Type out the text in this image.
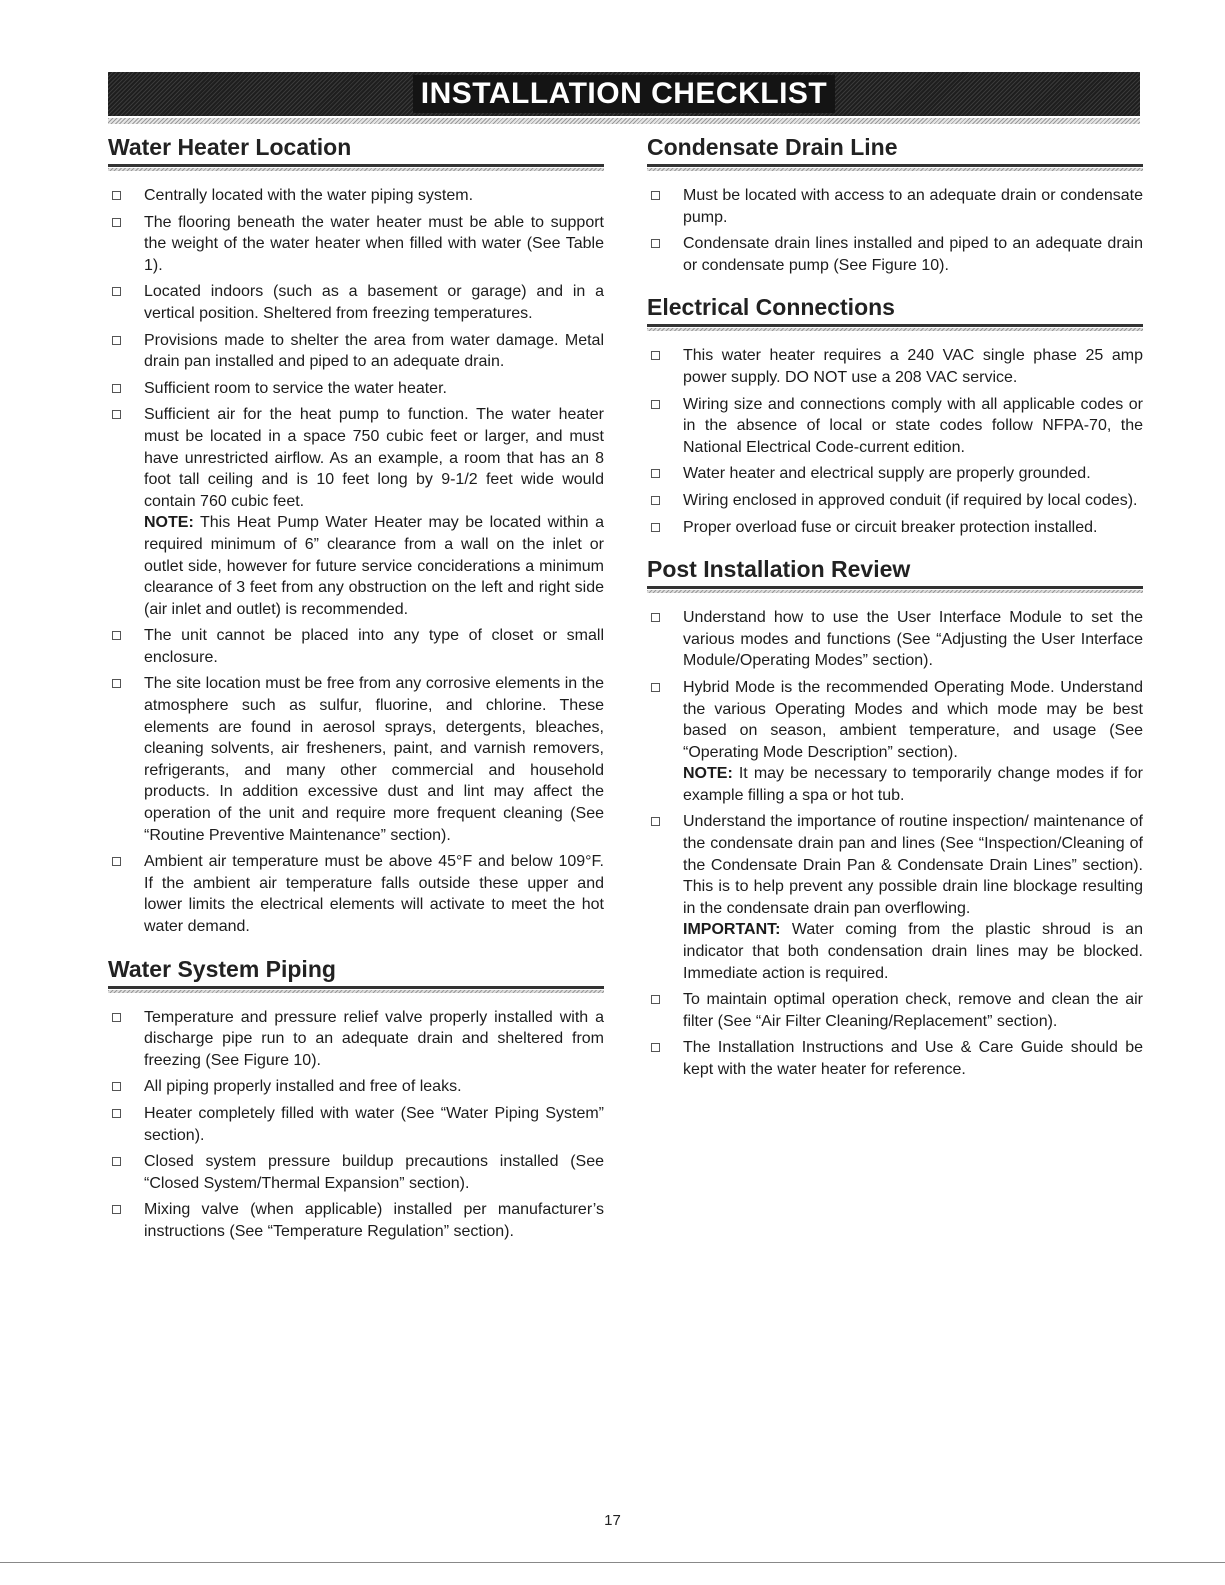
INSTALLATION CHECKLIST
Water Heater Location
Centrally located with the water piping system.
The flooring beneath the water heater must be able to support the weight of the water heater when filled with water (See Table 1).
Located indoors (such as a basement or garage) and in a vertical position. Sheltered from freezing temperatures.
Provisions made to shelter the area from water damage. Metal drain pan installed and piped to an adequate drain.
Sufficient room to service the water heater.
Sufficient air for the heat pump to function. The water heater must be located in a space 750 cubic feet or larger, and must have unrestricted airflow. As an example, a room that has an 8 foot tall ceiling and is 10 feet long by 9-1/2 feet wide would contain 760 cubic feet.
NOTE: This Heat Pump Water Heater may be located within a required minimum of 6” clearance from a wall on the inlet or outlet side, however for future service conciderations a minimum clearance of 3 feet from any obstruction on the left and right side (air inlet and outlet) is recommended.
The unit cannot be placed into any type of closet or small enclosure.
The site location must be free from any corrosive elements in the atmosphere such as sulfur, fluorine, and chlorine. These elements are found in aerosol sprays, detergents, bleaches, cleaning solvents, air fresheners, paint, and varnish removers, refrigerants, and many other commercial and household products. In addition excessive dust and lint may affect the operation of the unit and require more frequent cleaning (See “Routine Preventive Maintenance” section).
Ambient air temperature must be above 45°F and below 109°F. If the ambient air temperature falls outside these upper and lower limits the electrical elements will activate to meet the hot water demand.
Water System Piping
Temperature and pressure relief valve properly installed with a discharge pipe run to an adequate drain and sheltered from freezing (See Figure 10).
All piping properly installed and free of leaks.
Heater completely filled with water (See “Water Piping System” section).
Closed system pressure buildup precautions installed (See “Closed System/Thermal Expansion” section).
Mixing valve (when applicable) installed per manufacturer’s instructions (See “Temperature Regulation” section).
Condensate Drain Line
Must be located with access to an adequate drain or condensate pump.
Condensate drain lines installed and piped to an adequate drain or condensate pump (See Figure 10).
Electrical Connections
This water heater requires a 240 VAC single phase 25 amp power supply. DO NOT use a 208 VAC service.
Wiring size and connections comply with all applicable codes or in the absence of local or state codes follow NFPA-70, the National Electrical Code-current edition.
Water heater and electrical supply are properly grounded.
Wiring enclosed in approved conduit (if required by local codes).
Proper overload fuse or circuit breaker protection installed.
Post Installation Review
Understand how to use the User Interface Module to set the various modes and functions (See “Adjusting the User Interface Module/Operating Modes” section).
Hybrid Mode is the recommended Operating Mode. Understand the various Operating Modes and which mode may be best based on season, ambient temperature, and usage (See “Operating Mode Description” section).
NOTE: It may be necessary to temporarily change modes if for example filling a spa or hot tub.
Understand the importance of routine inspection/ maintenance of the condensate drain pan and lines (See “Inspection/Cleaning of the Condensate Drain Pan & Condensate Drain Lines” section). This is to help prevent any possible drain line blockage resulting in the condensate drain pan overflowing.
IMPORTANT: Water coming from the plastic shroud is an indicator that both condensation drain lines may be blocked. Immediate action is required.
To maintain optimal operation check, remove and clean the air filter (See “Air Filter Cleaning/Replacement” section).
The Installation Instructions and Use & Care Guide should be kept with the water heater for reference.
17
